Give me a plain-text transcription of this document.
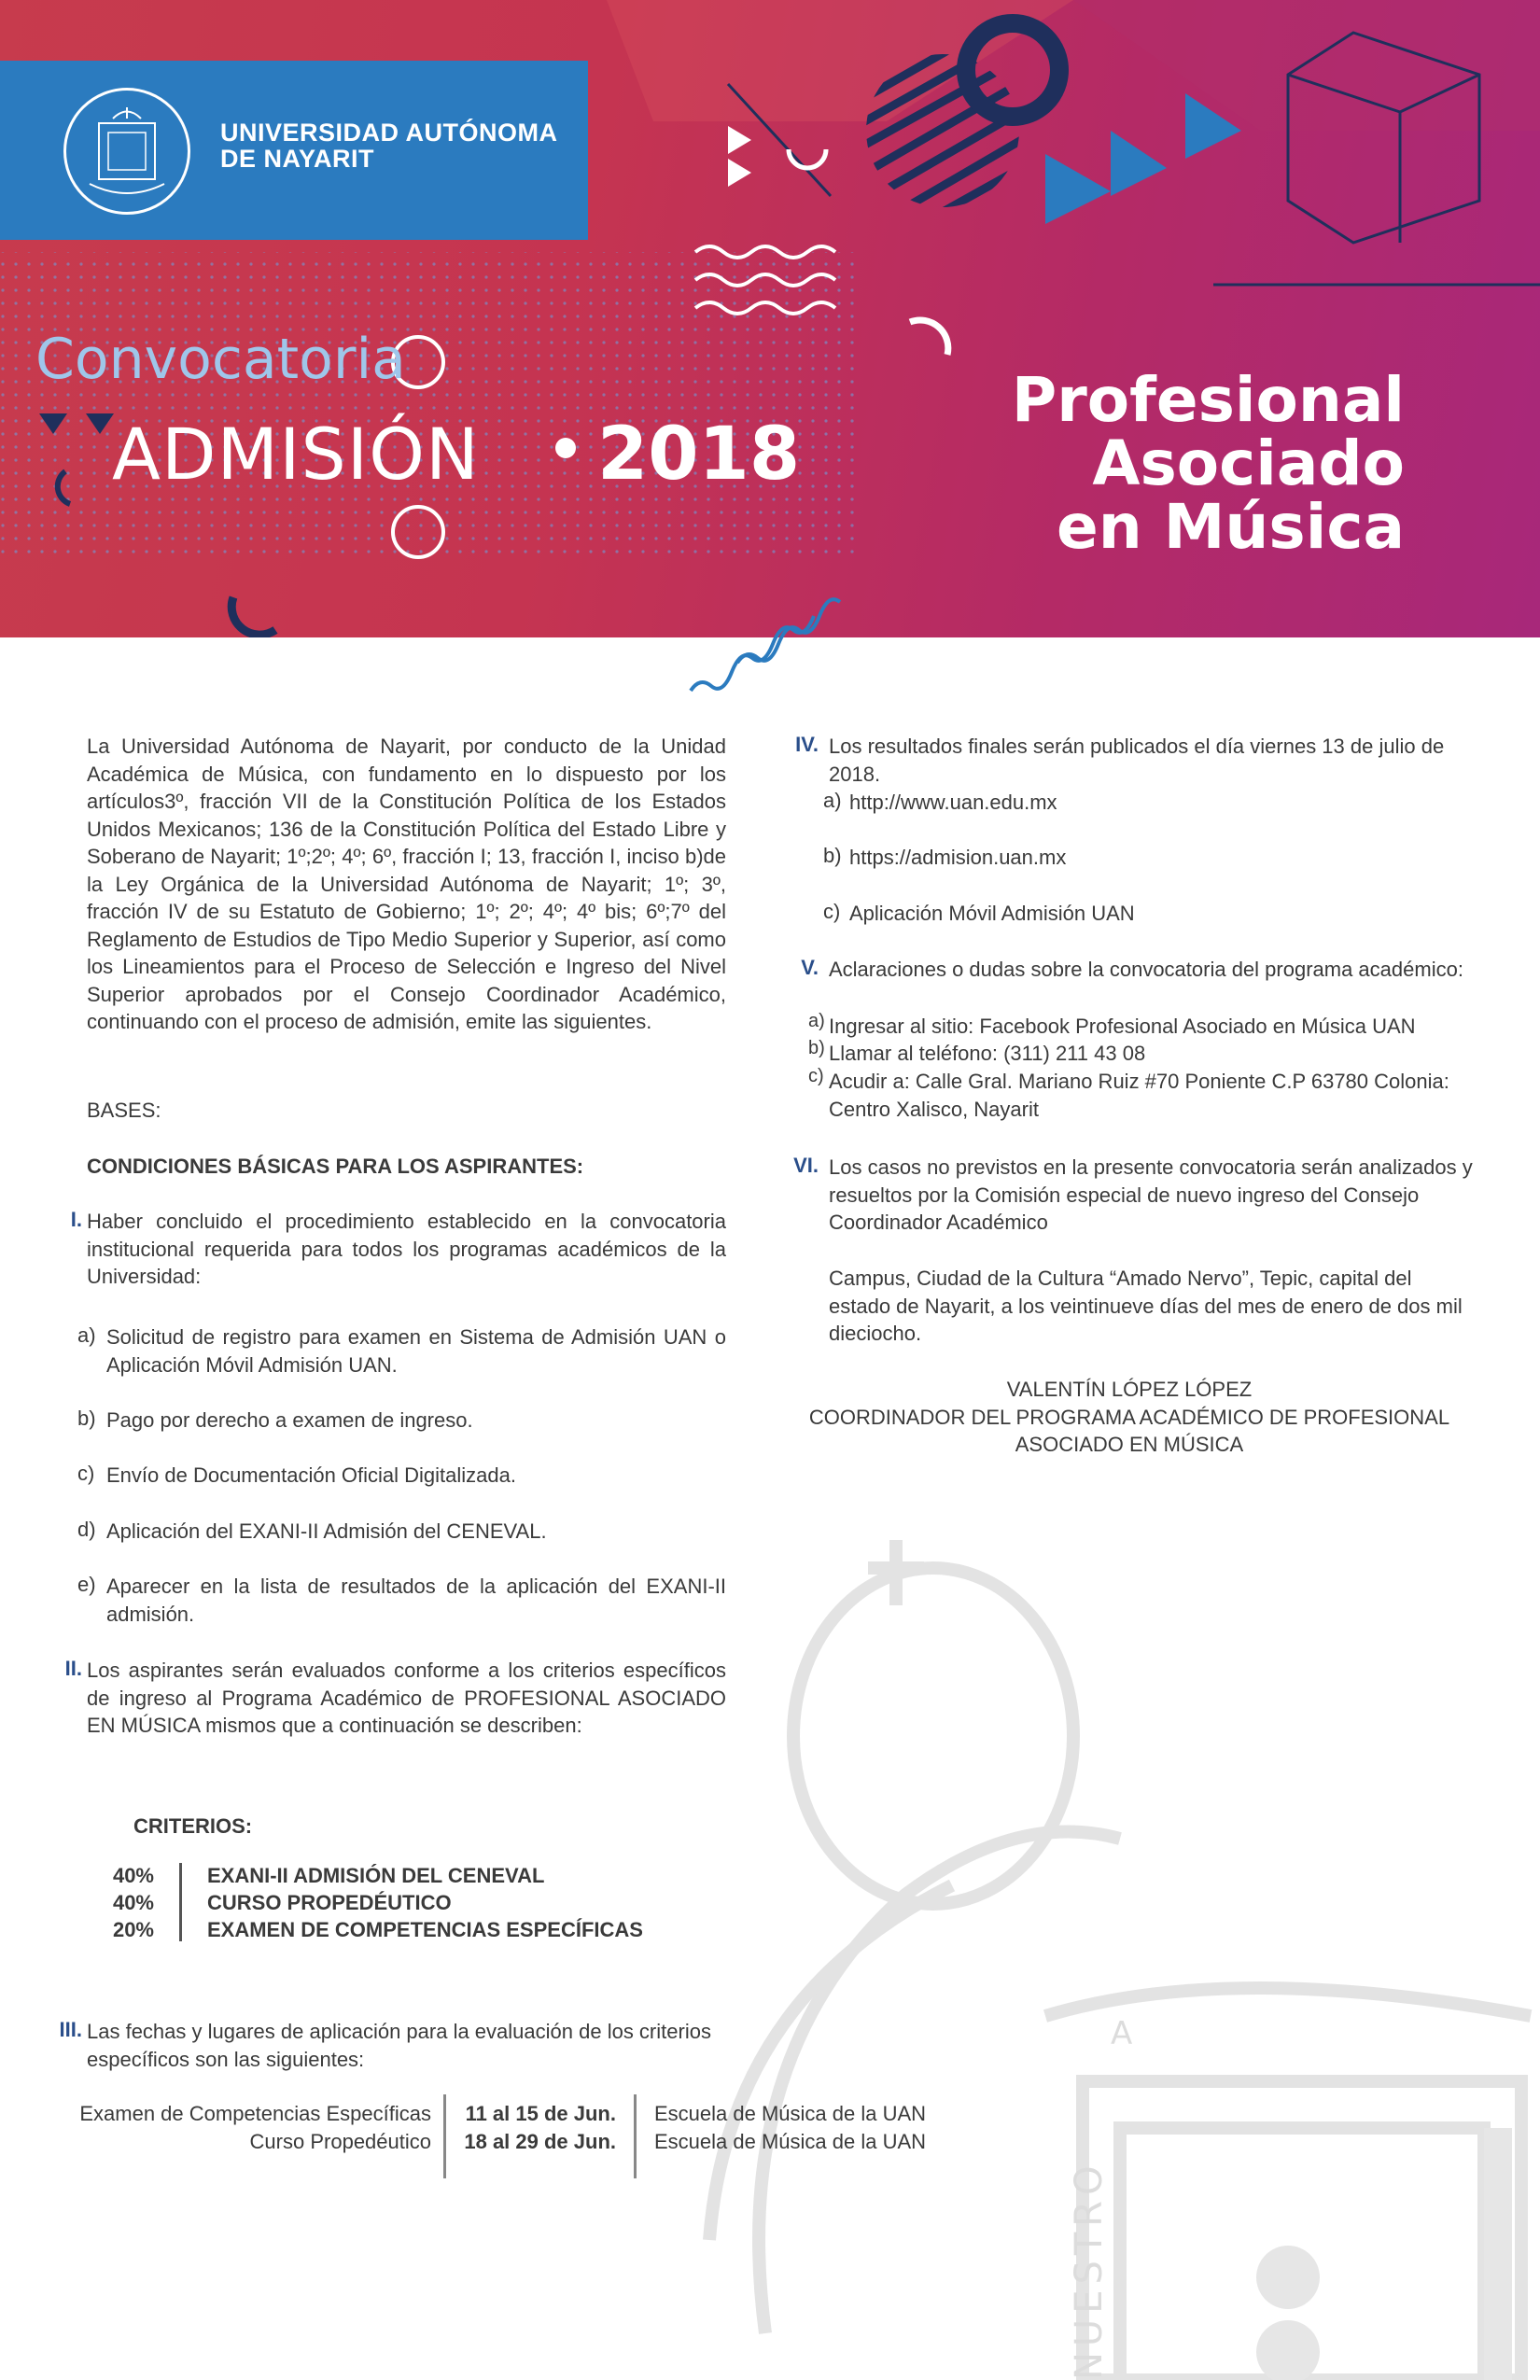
UNIVERSIDAD AUTÓNOMA
DE NAYARIT
Convocatoria
ADMISIÓN 2018
Profesional
Asociado
en Música
A
NUESTRO
La Universidad Autónoma de Nayarit, por conducto de la Unidad Académica de Música, con fundamento en lo dispuesto por los artículos3º, fracción VII de la Constitución Política de los Estados Unidos Mexicanos; 136 de la Constitución Política del Estado Libre y Soberano de Nayarit; 1º;2º; 4º; 6º, fracción I; 13, fracción I, inciso b)de la Ley Orgánica de la Universidad Autónoma de Nayarit; 1º; 3º, fracción IV de su Estatuto de Gobierno; 1º; 2º; 4º; 4º bis; 6º;7º del Reglamento de Estudios de Tipo Medio Superior y Superior, así como los Lineamientos para el Proceso de Selección e Ingreso del Nivel Superior aprobados por el Consejo Coordinador Académico, continuando con el proceso de admisión, emite las siguientes.
BASES:
CONDICIONES BÁSICAS PARA LOS ASPIRANTES:
I. Haber concluido el procedimiento establecido en la convocatoria institucional requerida para todos los programas académicos de la Universidad:
a) Solicitud de registro para examen en Sistema de Admisión UAN o Aplicación Móvil Admisión UAN.
b) Pago por derecho a examen de ingreso.
c) Envío de Documentación Oficial Digitalizada.
d) Aplicación del EXANI-II Admisión del CENEVAL.
e) Aparecer en la lista de resultados de la aplicación del EXANI-II admisión.
II. Los aspirantes serán evaluados conforme a los criterios específicos de ingreso al Programa Académico de PROFESIONAL ASOCIADO EN MÚSICA mismos que a continuación se describen:
CRITERIOS:
40%
40%
20%
EXANI-II ADMISIÓN DEL CENEVAL
CURSO PROPEDÉUTICO
EXAMEN DE COMPETENCIAS ESPECÍFICAS
III. Las fechas y lugares de aplicación para la evaluación de los criterios específicos son las siguientes:
Examen de Competencias Específicas
Curso Propedéutico
11 al 15 de Jun.
18 al 29 de Jun.
Escuela de Música de la UAN
Escuela de Música de la UAN
IV. Los resultados finales serán publicados el día viernes 13 de julio de 2018.
a) http://www.uan.edu.mx
b) https://admision.uan.mx
c) Aplicación Móvil Admisión UAN
V. Aclaraciones o dudas sobre la convocatoria del programa académico:
a) Ingresar al sitio: Facebook Profesional Asociado en Música UAN
b) Llamar al teléfono: (311) 211 43 08
c) Acudir a: Calle Gral. Mariano Ruiz #70 Poniente C.P 63780 Colonia: Centro Xalisco, Nayarit
VI. Los casos no previstos en la presente convocatoria serán analizados y resueltos por la Comisión especial de nuevo ingreso del Consejo Coordinador Académico
Campus, Ciudad de la Cultura “Amado Nervo”, Tepic, capital del estado de Nayarit, a los veintinueve días del mes de enero de dos mil dieciocho.
VALENTÍN LÓPEZ LÓPEZ
COORDINADOR DEL PROGRAMA ACADÉMICO DE PROFESIONAL
ASOCIADO EN MÚSICA
